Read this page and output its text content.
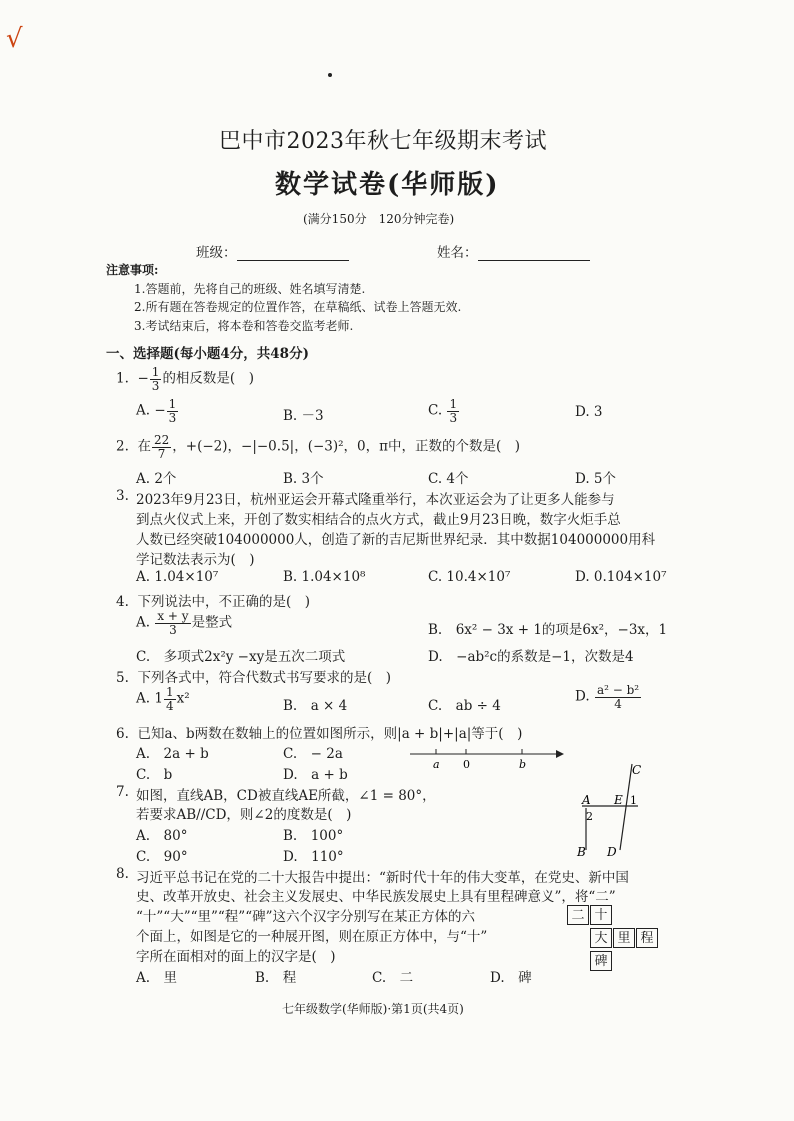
√
巴中市2023年秋七年级期末考试
数学试卷(华师版)
(满分150分　120分钟完卷)
班级：	姓名：
注意事项:
1.答题前，先将自己的班级、姓名填写清楚.
2.所有题在答卷规定的位置作答，在草稿纸、试卷上答题无效.
3.考试结束后，将本卷和答卷交监考老师.
一、选择题(每小题4分，共48分)
1.  − $\frac{1}{3}$ 的相反数是(　)
A. − $\frac{1}{3}$	B. －3	C. $\frac{1}{3}$	D. 3
2. 在 $\frac{22}{7}$ ，+(−2)，−|−0.5|，(−3)²，0，π中，正数的个数是(　)
A. 2个	B. 3个	C. 4个	D. 5个
3. 2023年9月23日，杭州亚运会开幕式隆重举行，本次亚运会为了让更多人能参与
到点火仪式上来，开创了数实相结合的点火方式，截止9月23日晚，数字火炬手总
人数已经突破104000000人，创造了新的吉尼斯世界纪录．其中数据104000000用科
学记数法表示为(　)
A. 1.04×10⁷	B. 1.04×10⁸	C. 10.4×10⁷	D. 0.104×10⁷
4. 下列说法中，不正确的是(　)
A. $\frac{x + y}{3}$ 是整式	B.　6x² − 3x + 1的项是6x²，−3x，1
C.　多项式2x²y −xy是五次二项式	D.　−ab²c的系数是−1，次数是4
5. 下列各式中，符合代数式书写要求的是(　)
A. $1 \frac{1}{4} x^2$	B.　a × 4	C.　ab ÷ 4
D. $\frac{\text{a² − b²}}{4}$
6. 已知a、b两数在数轴上的位置如图所示，则|a + b|+|a|等于(　)
A.　2a + b	C.　− 2a
C.　b	D.　a + b
a 0	b
7. 如图，直线AB，CD被直线AE所截，∠1 = 80°，
若要求AB//CD，则∠2的度数是(　)
A.　80°	B.　100°
C.　90°	D.　110°
A E 1
2
B D
C
8. 习近平总书记在党的二十大报告中提出：“新时代十年的伟大变革，在党史、新中国
史、改革开放史、社会主义发展史、中华民族发展史上具有里程碑意义”，将“二”
“十”“大”“里”“程”“碑”这六个汉字分别写在某正方体的六
个面上，如图是它的一种展开图，则在原正方体中，与“十”
字所在面相对的面上的汉字是(　)
A.　里	B.　程	C.　二	D.　碑
二 十
大 里 程
碑
七年级数学(华师版)·第1页(共4页)
